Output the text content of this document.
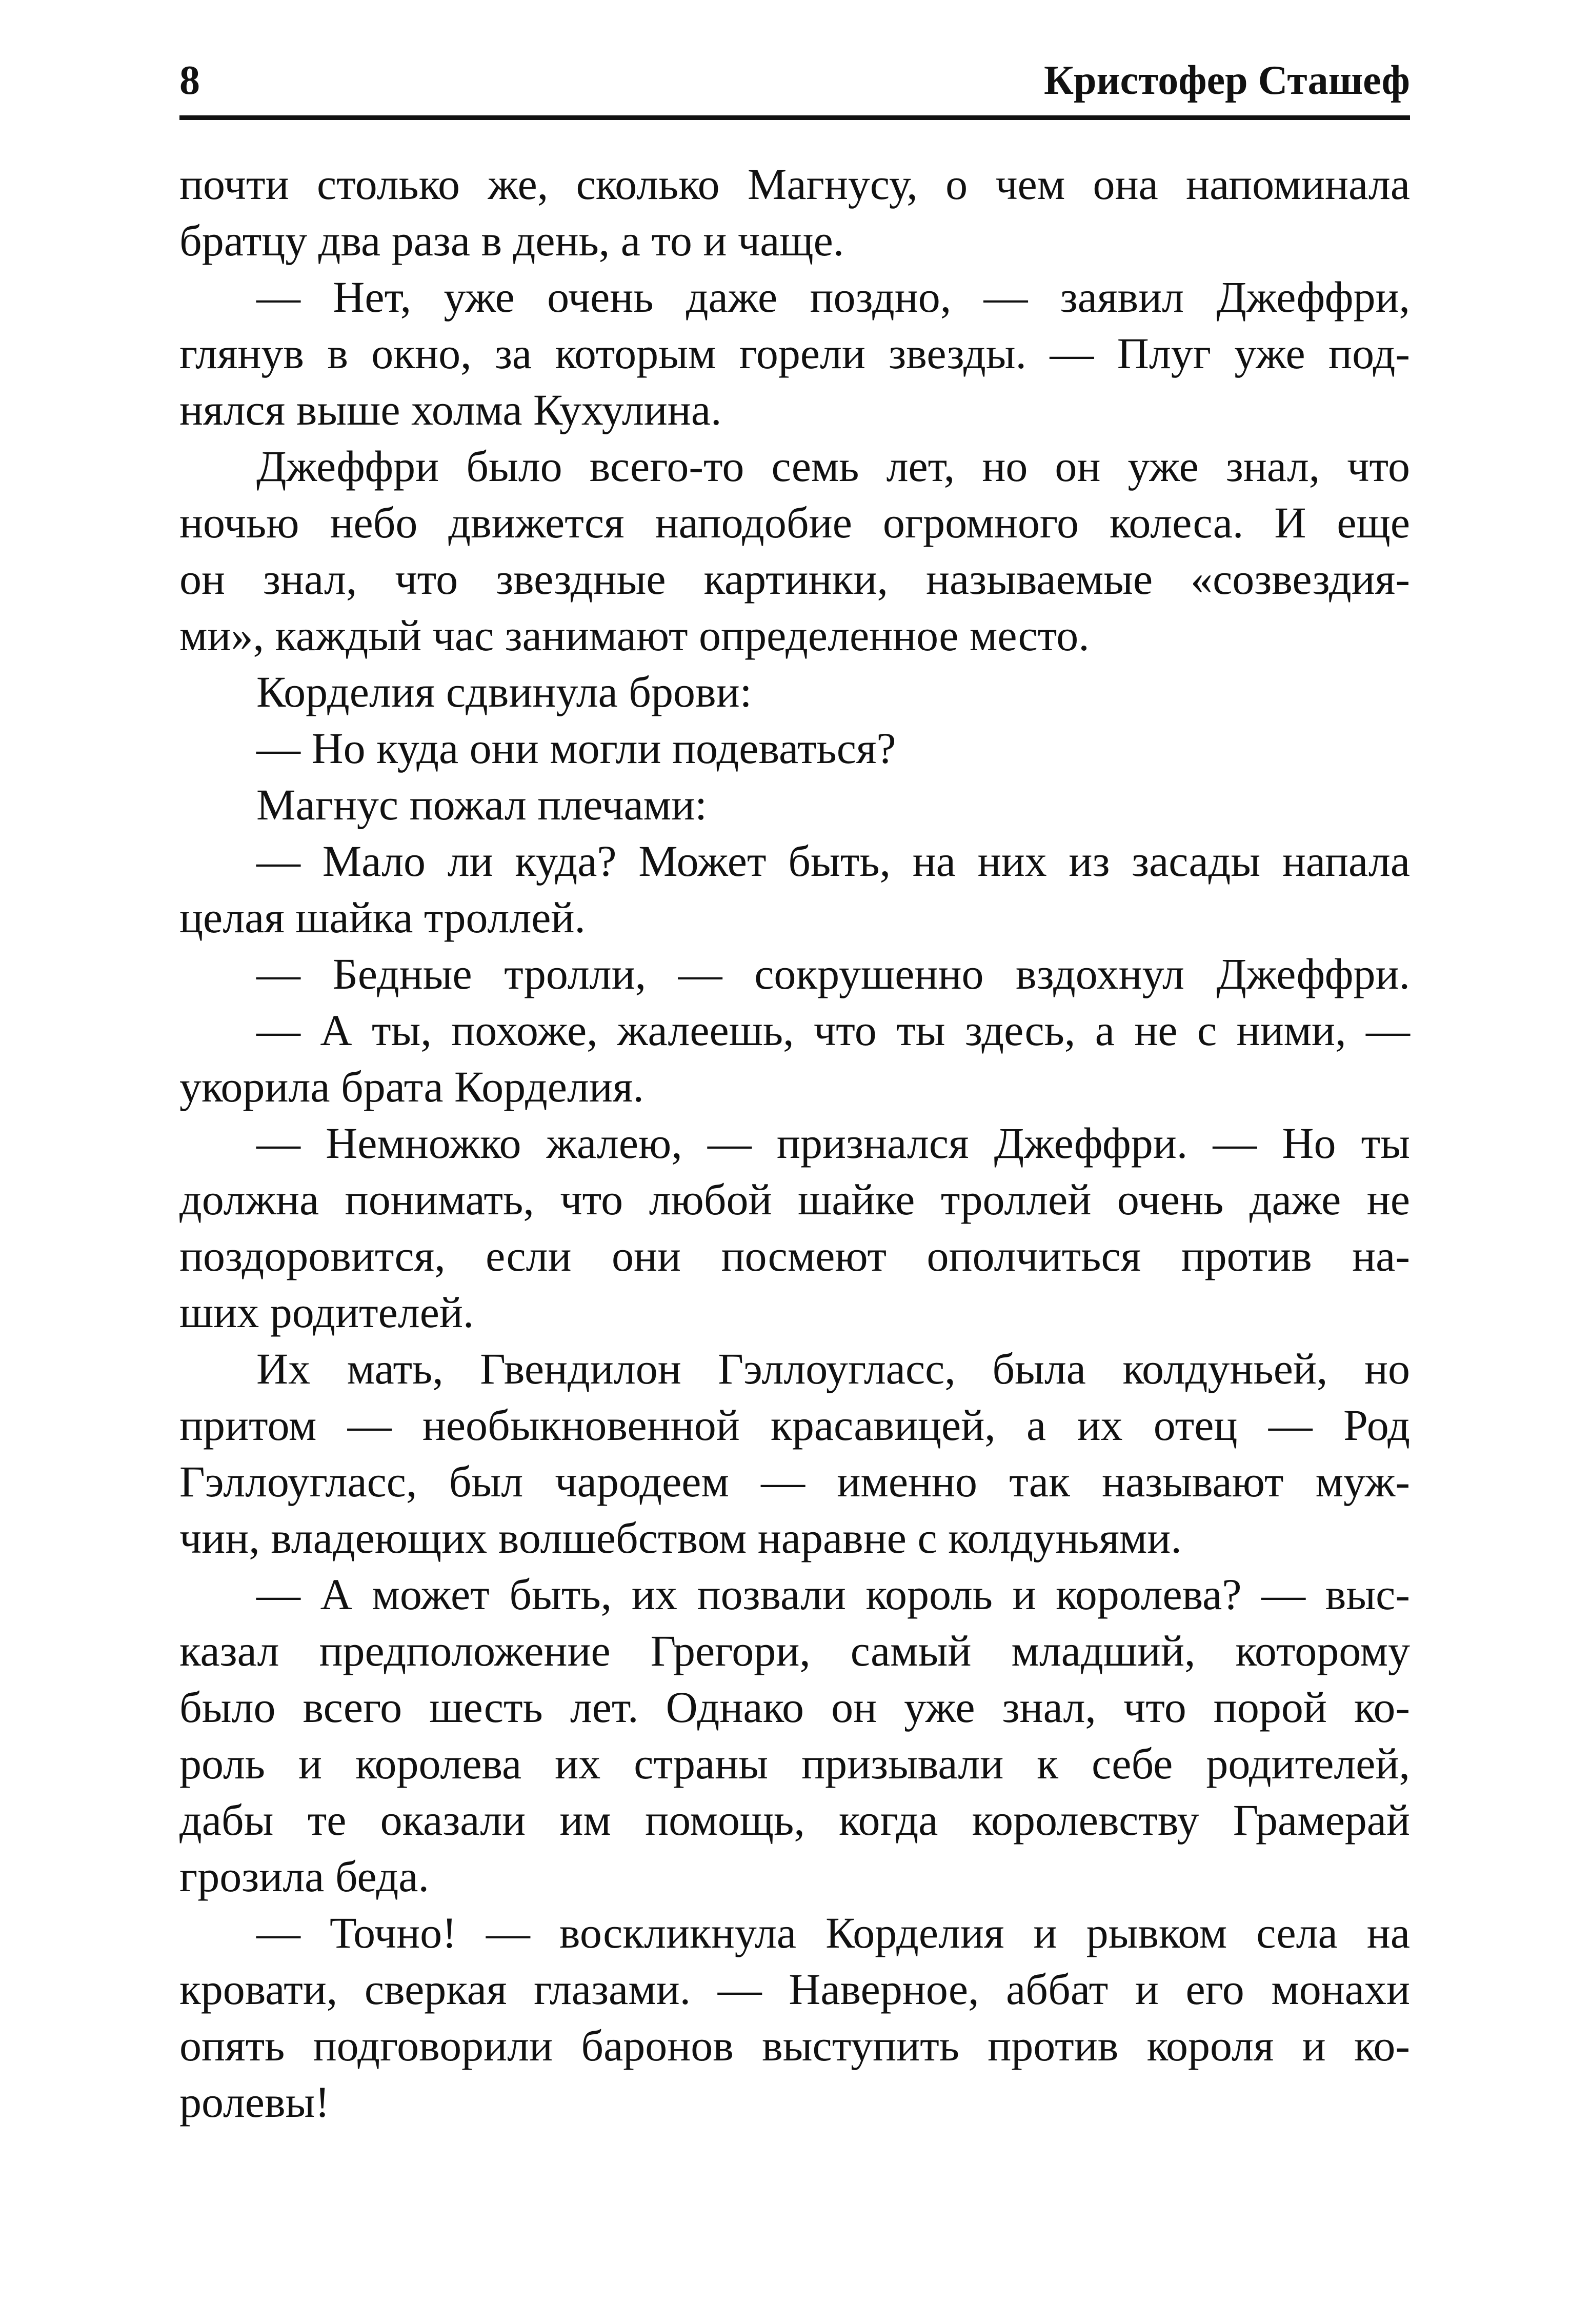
8	Кристофер Сташеф
почти столько же, сколько Магнусу, о чем она напоминала
братцу два раза в день, а то и чаще.
— Нет, уже очень даже поздно, — заявил Джеффри,
глянув в окно, за которым горели звезды. — Плуг уже под-
нялся выше холма Кухулина.
Джеффри было всего-то семь лет, но он уже знал, что
ночью небо движется наподобие огромного колеса. И еще
он знал, что звездные картинки, называемые «созвездия-
ми», каждый час занимают определенное место.
Корделия сдвинула брови:
— Но куда они могли подеваться?
Магнус пожал плечами:
— Мало ли куда? Может быть, на них из засады напала
целая шайка троллей.
— Бедные тролли, — сокрушенно вздохнул Джеффри.
— А ты, похоже, жалеешь, что ты здесь, а не с ними, —
укорила брата Корделия.
— Немножко жалею, — признался Джеффри. — Но ты
должна понимать, что любой шайке троллей очень даже не
поздоровится, если они посмеют ополчиться против на-
ших родителей.
Их мать, Гвендилон Гэллоугласс, была колдуньей, но
притом — необыкновенной красавицей, а их отец — Род
Гэллоугласс, был чародеем — именно так называют муж-
чин, владеющих волшебством наравне с колдуньями.
— А может быть, их позвали король и королева? — выс-
казал предположение Грегори, самый младший, которому
было всего шесть лет. Однако он уже знал, что порой ко-
роль и королева их страны призывали к себе родителей,
дабы те оказали им помощь, когда королевству Грамерай
грозила беда.
— Точно! — воскликнула Корделия и рывком села на
кровати, сверкая глазами. — Наверное, аббат и его монахи
опять подговорили баронов выступить против короля и ко-
ролевы!
